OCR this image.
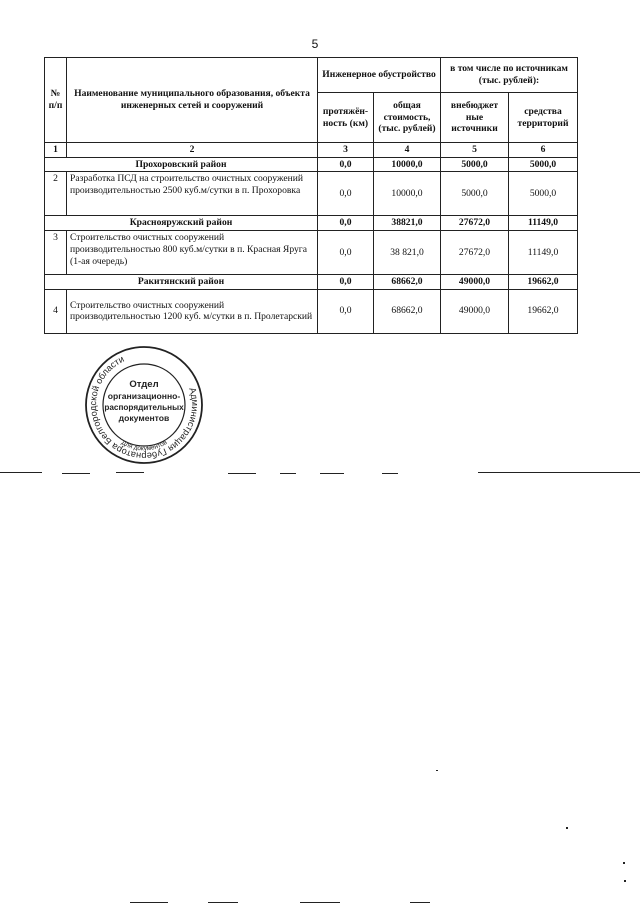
5
№ п/п	Наименование муниципального образования, объекта инженерных сетей и сооружений	Инженерное обустройство		в том числе по источникам (тыс. рублей):	
		протяжён-ность (км)	общая стоимость, (тыс. рублей)	внебюджет ные источники	средства территорий
1	2	3	4	5	6
Прохоровский район		0,0	10000,0	5000,0	5000,0
2	Разработка ПСД на строительство очистных сооружений производительностью 2500 куб.м/сутки в п. Прохоровка	0,0	10000,0	5000,0	5000,0
Краснояружский район		0,0	38821,0	27672,0	11149,0
3	Строительство очистных сооружений производительностью 800 куб.м/сутки в п. Красная Яруга (1-ая очередь)	0,0	38 821,0	27672,0	11149,0
Ракитянский район		0,0	68662,0	49000,0	19662,0
4	Строительство очистных сооружений производительностью 1200 куб. м/сутки в п. Пролетарский	0,0	68662,0	49000,0	19662,0
Администрация Губернатора Белгородской области
Отдел
организационно-
распорядительных
документов
Для документов
